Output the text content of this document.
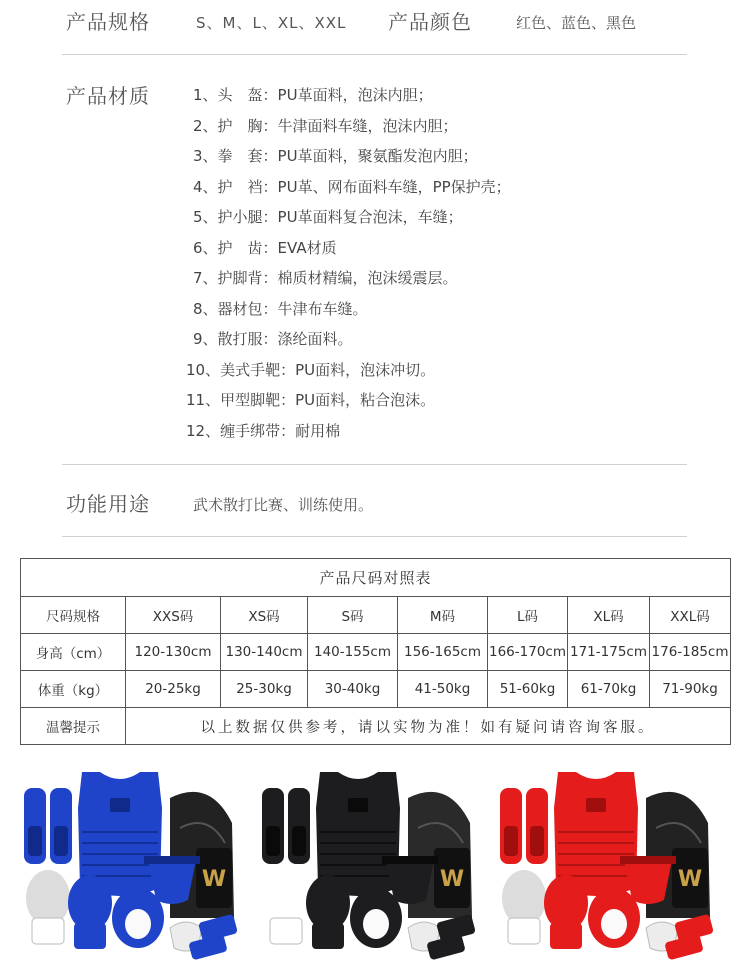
产品规格	S、M、L、XL、XXL 产品颜色	红色、蓝色、黑色
产品材质	1、头　盔：PU革面料，泡沫内胆；
2、护　胸：牛津面料车缝，泡沫内胆；
3、拳　套：PU革面料，聚氨酯发泡内胆；
4、护　裆：PU革、网布面料车缝，PP保护壳；
5、护小腿：PU革面料复合泡沫，车缝；
6、护　齿：EVA材质
7、护脚背：棉质材精编，泡沫缓震层。
8、器材包：牛津布车缝。
9、散打服：涤纶面料。
10、美式手靶：PU面料，泡沫冲切。
11、甲型脚靶：PU面料，粘合泡沫。
12、缠手绑带：耐用棉
功能用途	武术散打比赛、训练使用。
产品尺码对照表							
尺码规格	XXS码	XS码	S码	M码	L码	XL码	XXL码
身高（cm）	120-130cm	130-140cm	140-155cm	156-165cm	166-170cm	171-175cm	176-185cm
体重（kg）	20-25kg	25-30kg	30-40kg	41-50kg	51-60kg	61-70kg	71-90kg
温馨提示	以上数据仅供参考，请以实物为准！如有疑问请咨询客服。						
W	W	W
